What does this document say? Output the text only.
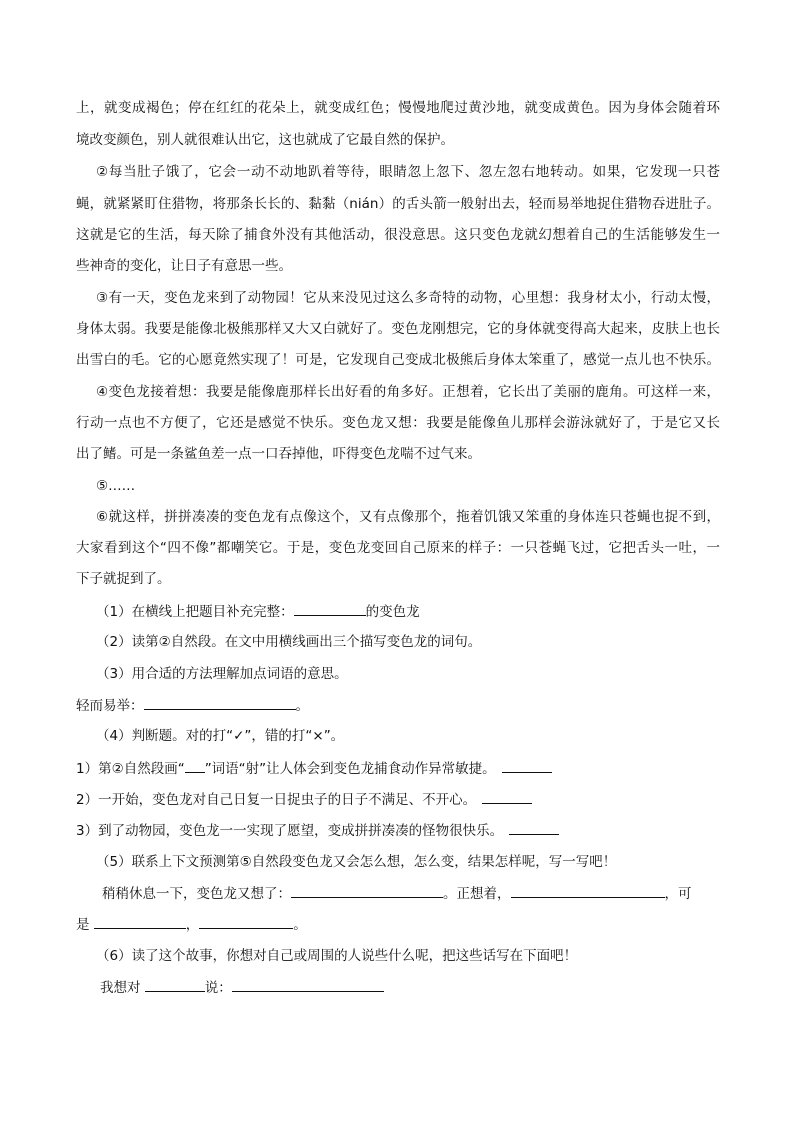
上，就变成褐色；停在红红的花朵上，就变成红色；慢慢地爬过黄沙地，就变成黄色。因为身体会随着环
境改变颜色，别人就很难认出它，这也就成了它最自然的保护。
②每当肚子饿了，它会一动不动地趴着等待，眼睛忽上忽下、忽左忽右地转动。如果，它发现一只苍
蝇，就紧紧盯住猎物，将那条长长的、黏黏（nián）的舌头箭一般射出去，轻而易举地捉住猎物吞进肚子。
这就是它的生活，每天除了捕食外没有其他活动，很没意思。这只变色龙就幻想着自己的生活能够发生一
些神奇的变化，让日子有意思一些。
③有一天，变色龙来到了动物园！它从来没见过这么多奇特的动物，心里想：我身材太小，行动太慢，
身体太弱。我要是能像北极熊那样又大又白就好了。变色龙刚想完，它的身体就变得高大起来，皮肤上也长
出雪白的毛。它的心愿竟然实现了！可是，它发现自己变成北极熊后身体太笨重了，感觉一点儿也不快乐。
④变色龙接着想：我要是能像鹿那样长出好看的角多好。正想着，它长出了美丽的鹿角。可这样一来，
行动一点也不方便了，它还是感觉不快乐。变色龙又想：我要是能像鱼儿那样会游泳就好了，于是它又长
出了鳍。可是一条鲨鱼差一点一口吞掉他，吓得变色龙喘不过气来。
⑤……
⑥就这样，拼拼凑凑的变色龙有点像这个，又有点像那个，拖着饥饿又笨重的身体连只苍蝇也捉不到，
大家看到这个“四不像”都嘲笑它。于是，变色龙变回自己原来的样子：一只苍蝇飞过，它把舌头一吐，一
下子就捉到了。
（1）在横线上把题目补充完整：	的变色龙
（2）读第②自然段。在文中用横线画出三个描写变色龙的词句。
（3）用合适的方法理解加点词语的意思。
轻而易举：	。
（4）判断题。对的打“✓”，错的打“×”。
1）第②自然段画“ ”词语“射”让人体会到变色龙捕食动作异常敏捷。
2）一开始，变色龙对自己日复一日捉虫子的日子不满足、不开心。
3）到了动物园，变色龙一一实现了愿望，变成拼拼凑凑的怪物很快乐。
（5）联系上下文预测第⑤自然段变色龙又会怎么想，怎么变，结果怎样呢，写一写吧！
稍稍休息一下，变色龙又想了：	。正想着，	，可
是	，	。
（6）读了这个故事，你想对自己或周围的人说些什么呢，把这些话写在下面吧！
我想对	说：
